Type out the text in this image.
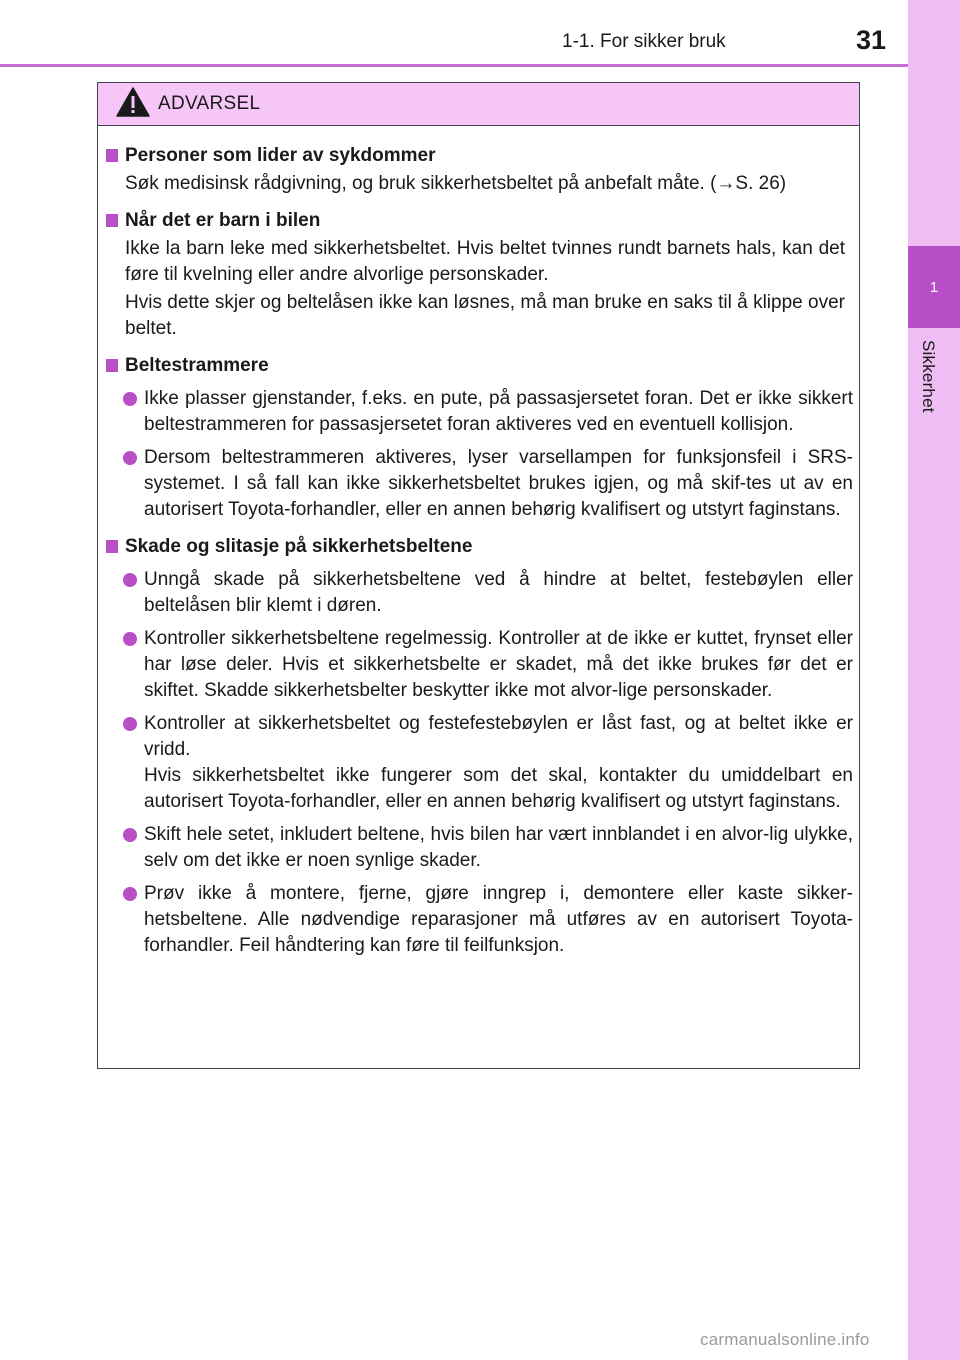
1
Sikkerhet
1-1. For sikker bruk	31
ADVARSEL
Personer som lider av sykdommer

Søk medisinsk rådgivning, og bruk sikkerhetsbeltet på anbefalt måte. (→S. 26)

Når det er barn i bilen

Ikke la barn leke med sikkerhetsbeltet. Hvis beltet tvinnes rundt barnets hals, kan det føre til kvelning eller andre alvorlige personskader.

Hvis dette skjer og beltelåsen ikke kan løsnes, må man bruke en saks til å klippe over beltet.

Beltestrammere

Ikke plasser gjenstander, f.eks. en pute, på passasjersetet foran. Det er ikke sikkert beltestrammeren for passasjersetet foran aktiveres ved en eventuell kollisjon.

Dersom beltestrammeren aktiveres, lyser varsellampen for funksjonsfeil i SRS-systemet. I så fall kan ikke sikkerhetsbeltet brukes igjen, og må skif-tes ut av en autorisert Toyota-forhandler, eller en annen behørig kvalifisert og utstyrt faginstans.

Skade og slitasje på sikkerhetsbeltene

Unngå skade på sikkerhetsbeltene ved å hindre at beltet, festebøylen eller beltelåsen blir klemt i døren.

Kontroller sikkerhetsbeltene regelmessig. Kontroller at de ikke er kuttet, frynset eller har løse deler. Hvis et sikkerhetsbelte er skadet, må det ikke brukes før det er skiftet. Skadde sikkerhetsbelter beskytter ikke mot alvor-lige personskader.

Kontroller at sikkerhetsbeltet og festefestebøylen er låst fast, og at beltet ikke er vridd.

Hvis sikkerhetsbeltet ikke fungerer som det skal, kontakter du umiddelbart en autorisert Toyota-forhandler, eller en annen behørig kvalifisert og utstyrt faginstans.

Skift hele setet, inkludert beltene, hvis bilen har vært innblandet i en alvor-lig ulykke, selv om det ikke er noen synlige skader.

Prøv ikke å montere, fjerne, gjøre inngrep i, demontere eller kaste sikker-hetsbeltene. Alle nødvendige reparasjoner må utføres av en autorisert Toyota-forhandler. Feil håndtering kan føre til feilfunksjon.

carmanualsonline.info
